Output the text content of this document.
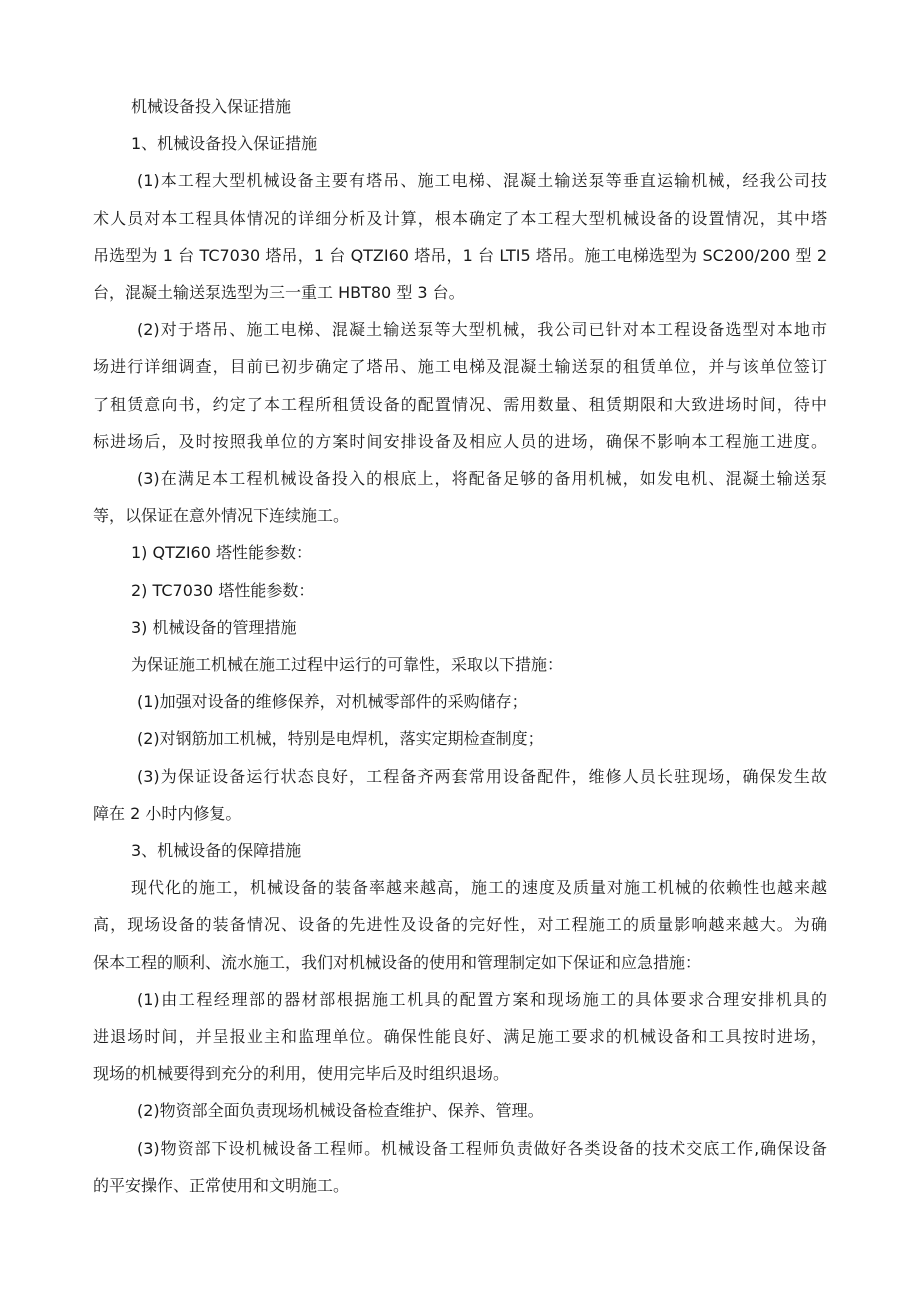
机械设备投入保证措施

1、机械设备投入保证措施

(1)本工程大型机械设备主要有塔吊、施工电梯、混凝土输送泵等垂直运输机械，经我公司技

术人员对本工程具体情况的详细分析及计算，根本确定了本工程大型机械设备的设置情况，其中塔

吊选型为 1 台 TC7030 塔吊，1 台 QTZI60 塔吊，1 台 LTI5 塔吊。施工电梯选型为 SC200/200 型 2

台，混凝土输送泵选型为三一重工 HBT80 型 3 台。

(2)对于塔吊、施工电梯、混凝土输送泵等大型机械，我公司已针对本工程设备选型对本地市

场进行详细调查，目前已初步确定了塔吊、施工电梯及混凝土输送泵的租赁单位，并与该单位签订

了租赁意向书，约定了本工程所租赁设备的配置情况、需用数量、租赁期限和大致进场时间，待中

标进场后，及时按照我单位的方案时间安排设备及相应人员的进场，确保不影响本工程施工进度。

(3)在满足本工程机械设备投入的根底上，将配备足够的备用机械，如发电机、混凝土输送泵

等，以保证在意外情况下连续施工。

1) QTZI60 塔性能参数：

2) TC7030 塔性能参数：

3) 机械设备的管理措施

为保证施工机械在施工过程中运行的可靠性，采取以下措施：

(1)加强对设备的维修保养，对机械零部件的采购储存；

(2)对钢筋加工机械，特别是电焊机，落实定期检查制度；

(3)为保证设备运行状态良好，工程备齐两套常用设备配件，维修人员长驻现场，确保发生故

障在 2 小时内修复。

3、机械设备的保障措施

现代化的施工，机械设备的装备率越来越高，施工的速度及质量对施工机械的依赖性也越来越

高，现场设备的装备情况、设备的先进性及设备的完好性，对工程施工的质量影响越来越大。为确

保本工程的顺利、流水施工，我们对机械设备的使用和管理制定如下保证和应急措施：

(1)由工程经理部的器材部根据施工机具的配置方案和现场施工的具体要求合理安排机具的

进退场时间，并呈报业主和监理单位。确保性能良好、满足施工要求的机械设备和工具按时进场，

现场的机械要得到充分的利用，使用完毕后及时组织退场。

(2)物资部全面负责现场机械设备检查维护、保养、管理。

(3)物资部下设机械设备工程师。机械设备工程师负责做好各类设备的技术交底工作,确保设备

的平安操作、正常使用和文明施工。
